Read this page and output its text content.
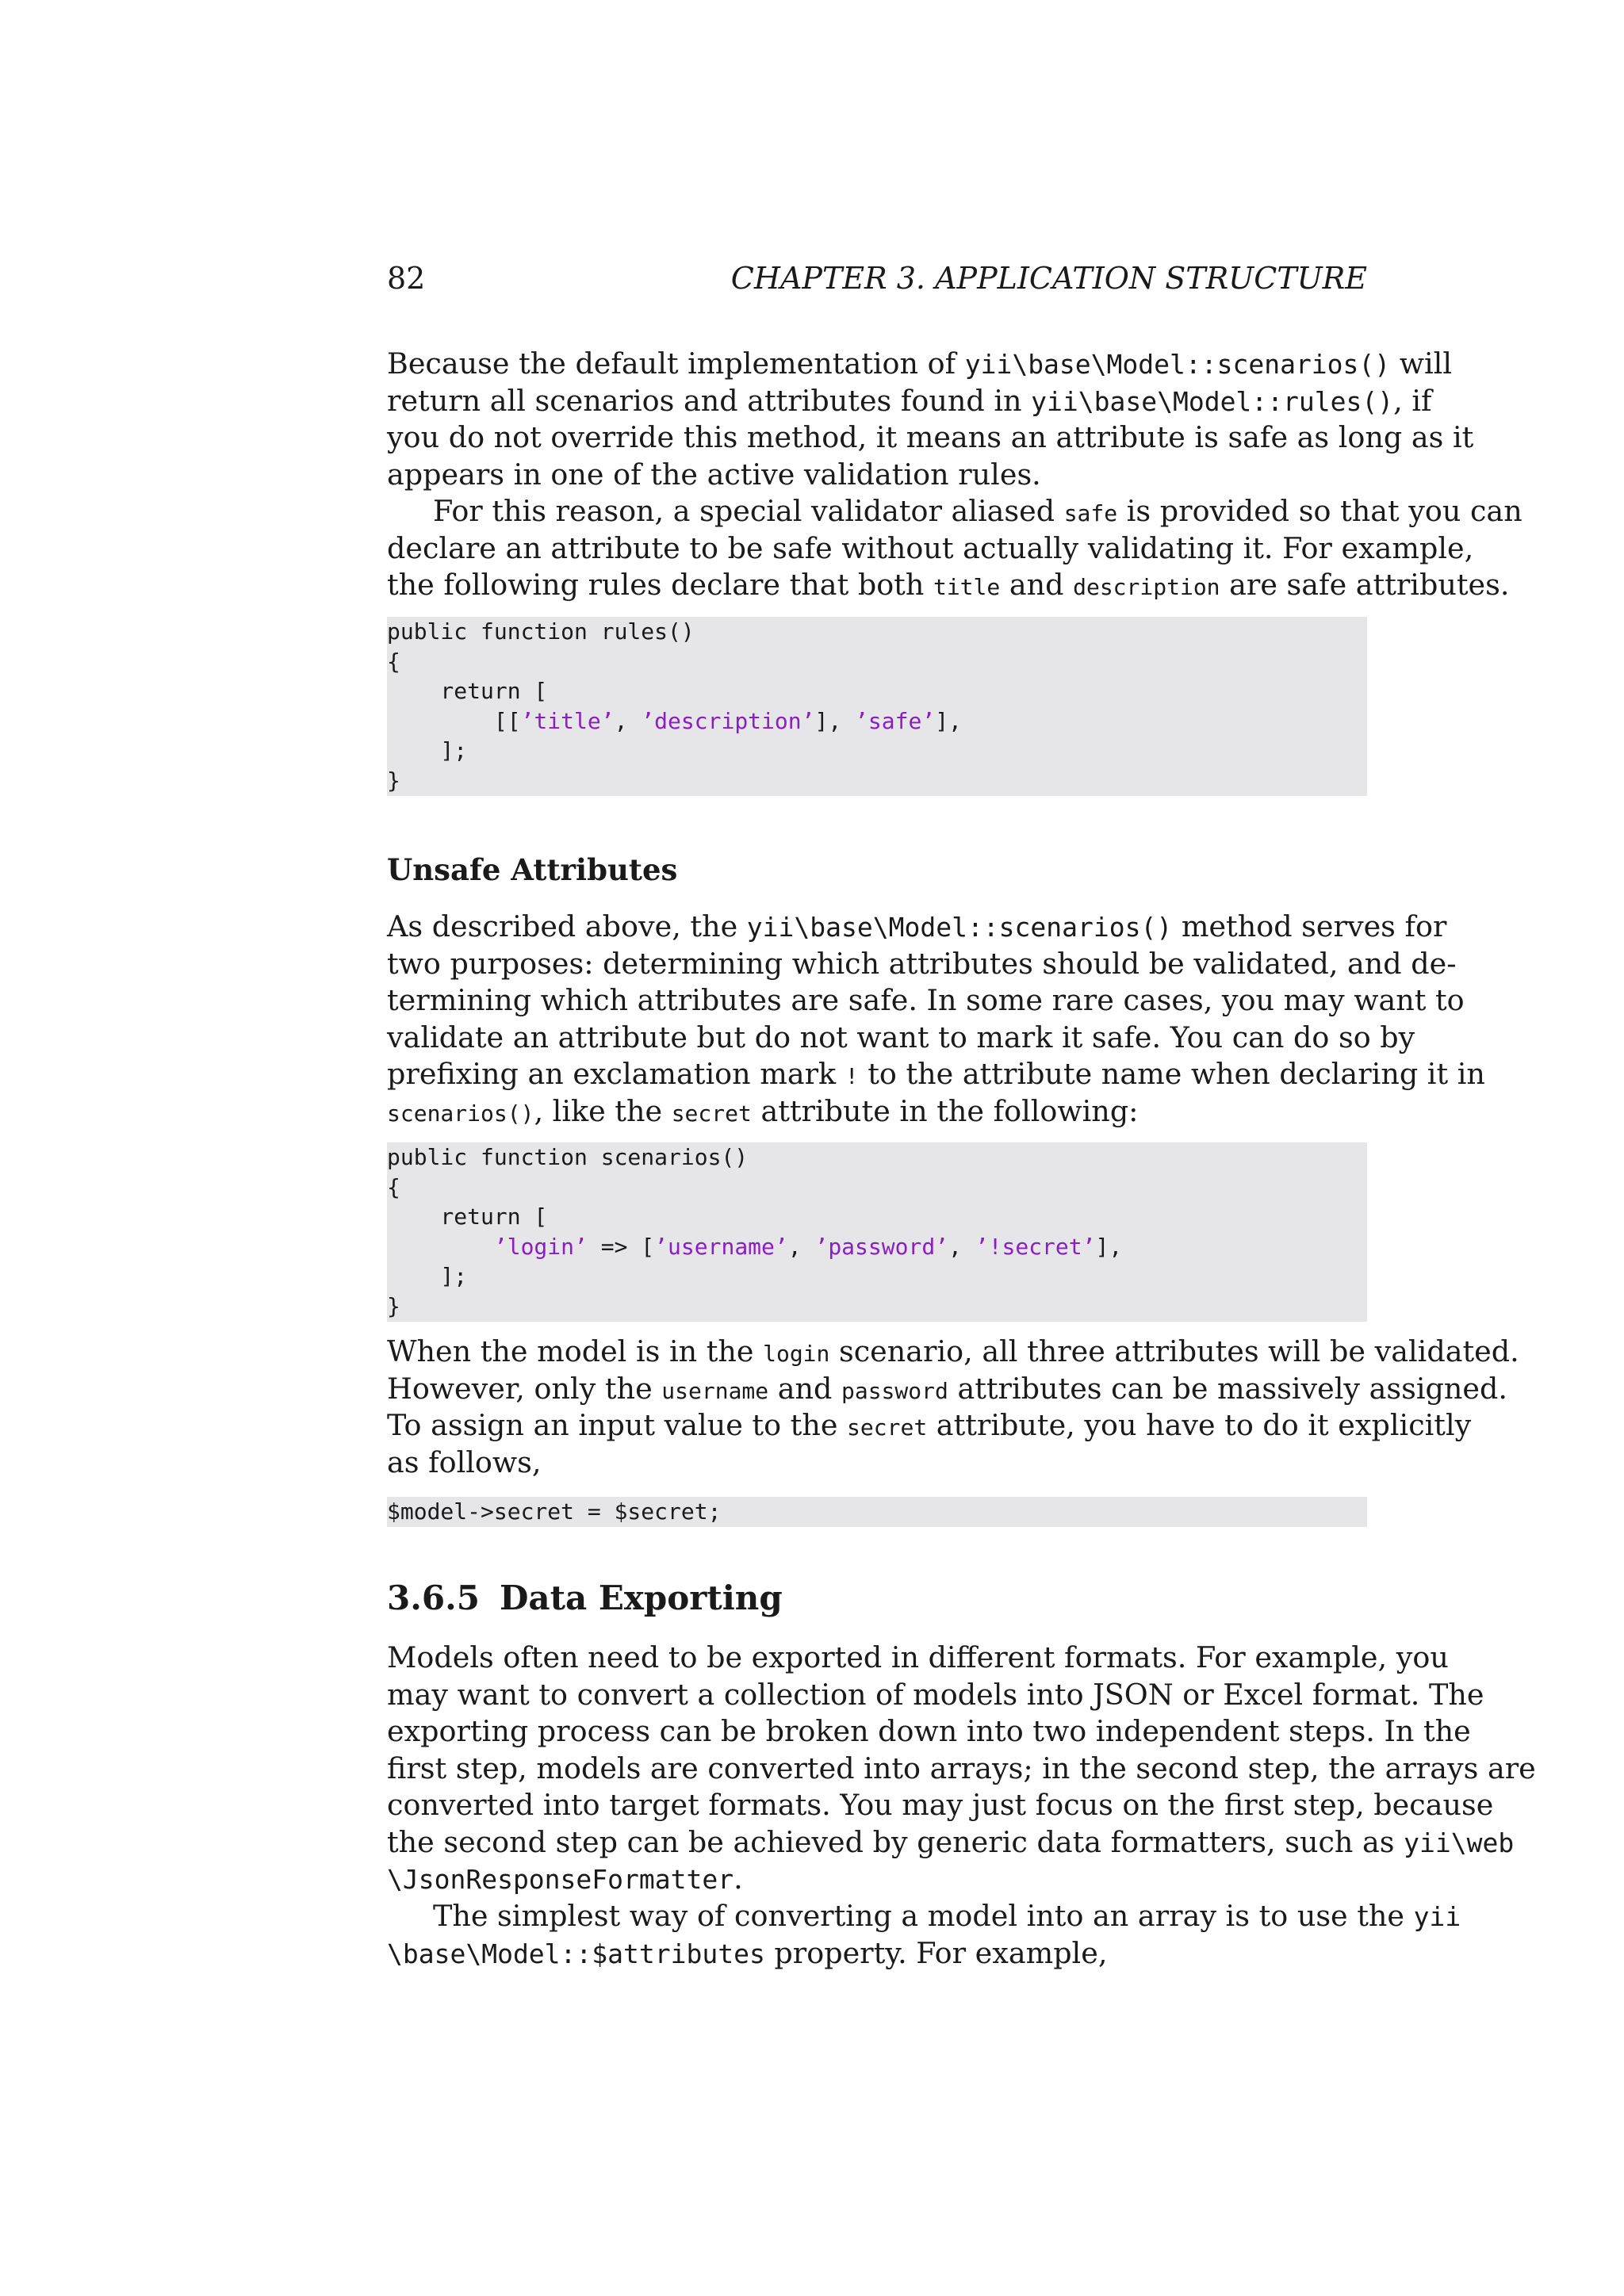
82	CHAPTER 3. APPLICATION STRUCTURE
Because the default implementation of yii\base\Model::scenarios() will
return all scenarios and attributes found in yii\base\Model::rules(), if
you do not override this method, it means an attribute is safe as long as it
appears in one of the active validation rules.
For this reason, a special validator aliased safe is provided so that you can
declare an attribute to be safe without actually validating it. For example,
the following rules declare that both title and description are safe attributes.
public function rules()
{
return [
[[’title’, ’description’], ’safe’],
];
}
Unsafe Attributes
As described above, the yii\base\Model::scenarios() method serves for
two purposes: determining which attributes should be validated, and de-
termining which attributes are safe. In some rare cases, you may want to
validate an attribute but do not want to mark it safe. You can do so by
prefixing an exclamation mark ! to the attribute name when declaring it in
scenarios(), like the secret attribute in the following:
public function scenarios()
{
return [
’login’ => [’username’, ’password’, ’!secret’],
];
}
When the model is in the login scenario, all three attributes will be validated.
However, only the username and password attributes can be massively assigned.
To assign an input value to the secret attribute, you have to do it explicitly
as follows,
$model->secret = $secret;
3.6.5 Data Exporting
Models often need to be exported in different formats. For example, you
may want to convert a collection of models into JSON or Excel format. The
exporting process can be broken down into two independent steps. In the
first step, models are converted into arrays; in the second step, the arrays are
converted into target formats. You may just focus on the first step, because
the second step can be achieved by generic data formatters, such as yii\web
\JsonResponseFormatter.
The simplest way of converting a model into an array is to use the yii
\base\Model::$attributes property. For example,
